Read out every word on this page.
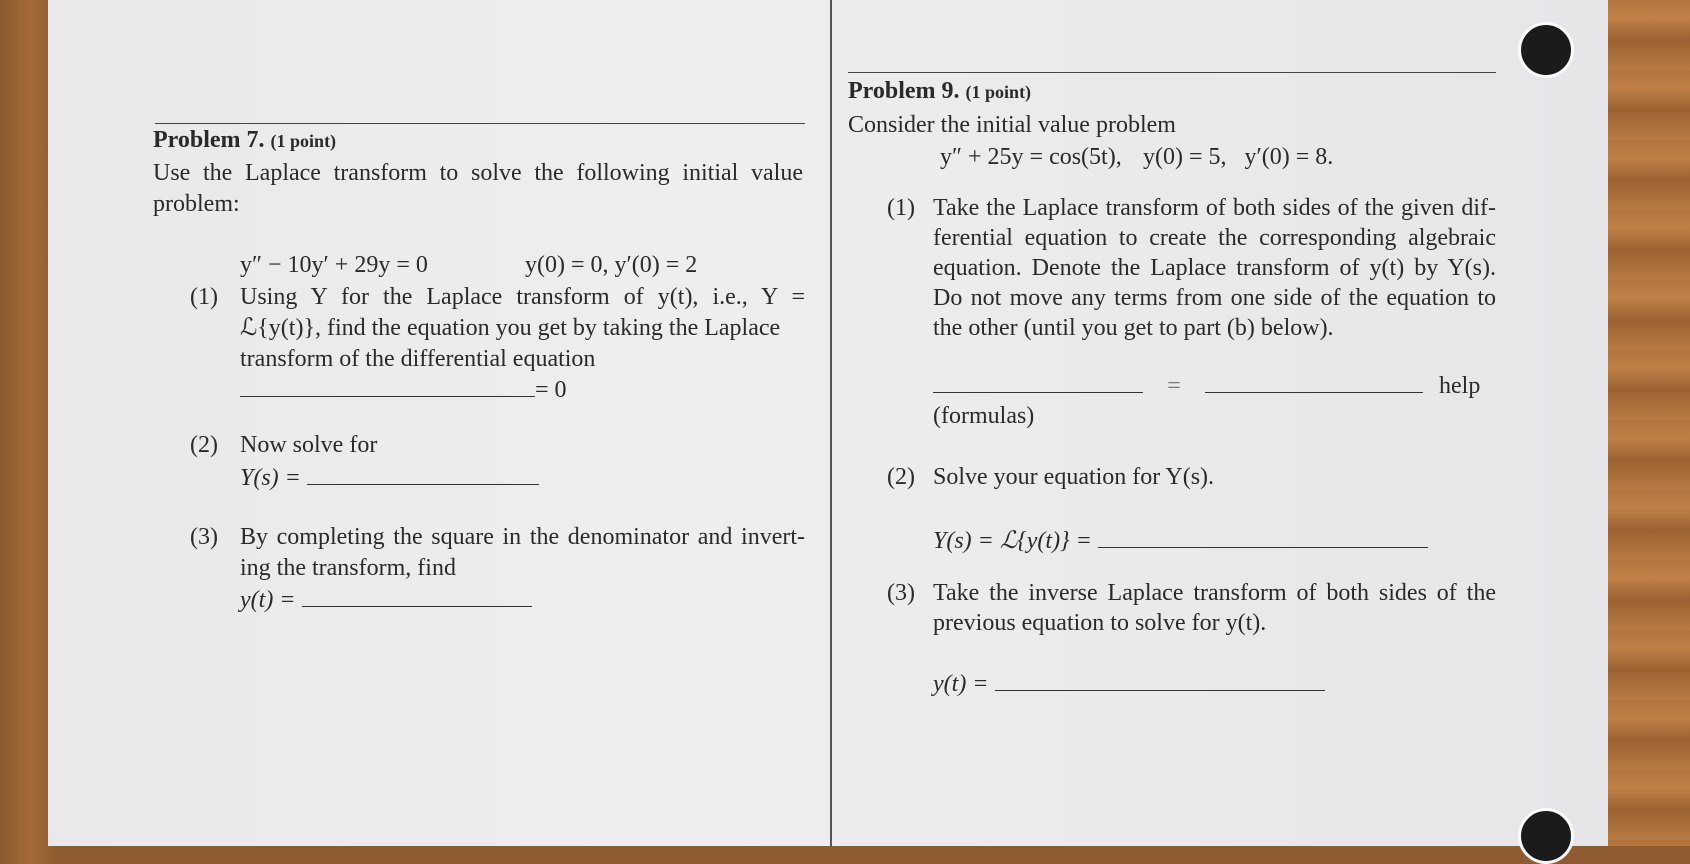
Problem 7. (1 point)
Use the Laplace transform to solve the following initial value
problem:
y″ − 10y′ + 29y = 0	y(0) = 0, y′(0) = 2
(1) Using Y for the Laplace transform of y(t), i.e., Y =
ℒ{y(t)}, find the equation you get by taking the Laplace
transform of the differential equation
= 0
(2) Now solve for
Y(s) =
(3) By completing the square in the denominator and invert-
ing the transform, find
y(t) =
Problem 9. (1 point)
Consider the initial value problem
y″ + 25y = cos(5t), y(0) = 5,   y′(0) = 8.
(1) Take the Laplace transform of both sides of the given dif-
ferential equation to create the corresponding algebraic
equation. Denote the Laplace transform of y(t) by Y(s).
Do not move any terms from one side of the equation to
the other (until you get to part (b) below).
=	help
(formulas)
(2) Solve your equation for Y(s).
Y(s) = ℒ{y(t)} =
(3) Take the inverse Laplace transform of both sides of the
previous equation to solve for y(t).
y(t) =
